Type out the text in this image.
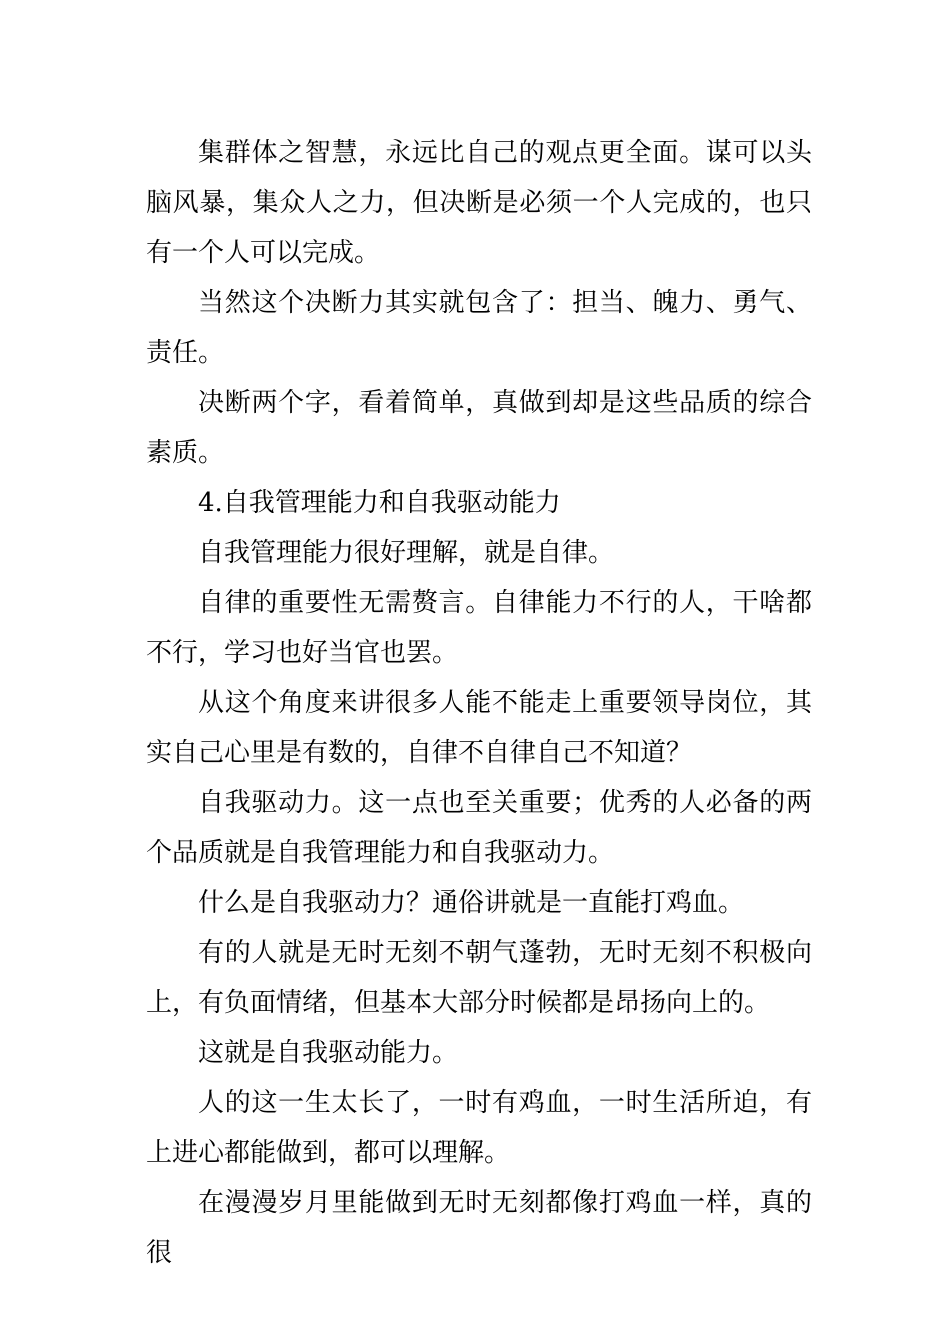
集群体之智慧，永远比自己的观点更全面。谋可以头脑风暴，集众人之力，但决断是必须一个人完成的，也只有一个人可以完成。

当然这个决断力其实就包含了：担当、魄力、勇气、责任。

决断两个字，看着简单，真做到却是这些品质的综合素质。

4.自我管理能力和自我驱动能力

自我管理能力很好理解，就是自律。

自律的重要性无需赘言。自律能力不行的人，干啥都不行，学习也好当官也罢。

从这个角度来讲很多人能不能走上重要领导岗位，其实自己心里是有数的，自律不自律自己不知道？

自我驱动力。这一点也至关重要；优秀的人必备的两个品质就是自我管理能力和自我驱动力。

什么是自我驱动力？通俗讲就是一直能打鸡血。

有的人就是无时无刻不朝气蓬勃，无时无刻不积极向上，有负面情绪，但基本大部分时候都是昂扬向上的。

这就是自我驱动能力。

人的这一生太长了，一时有鸡血，一时生活所迫，有上进心都能做到，都可以理解。

在漫漫岁月里能做到无时无刻都像打鸡血一样，真的很
